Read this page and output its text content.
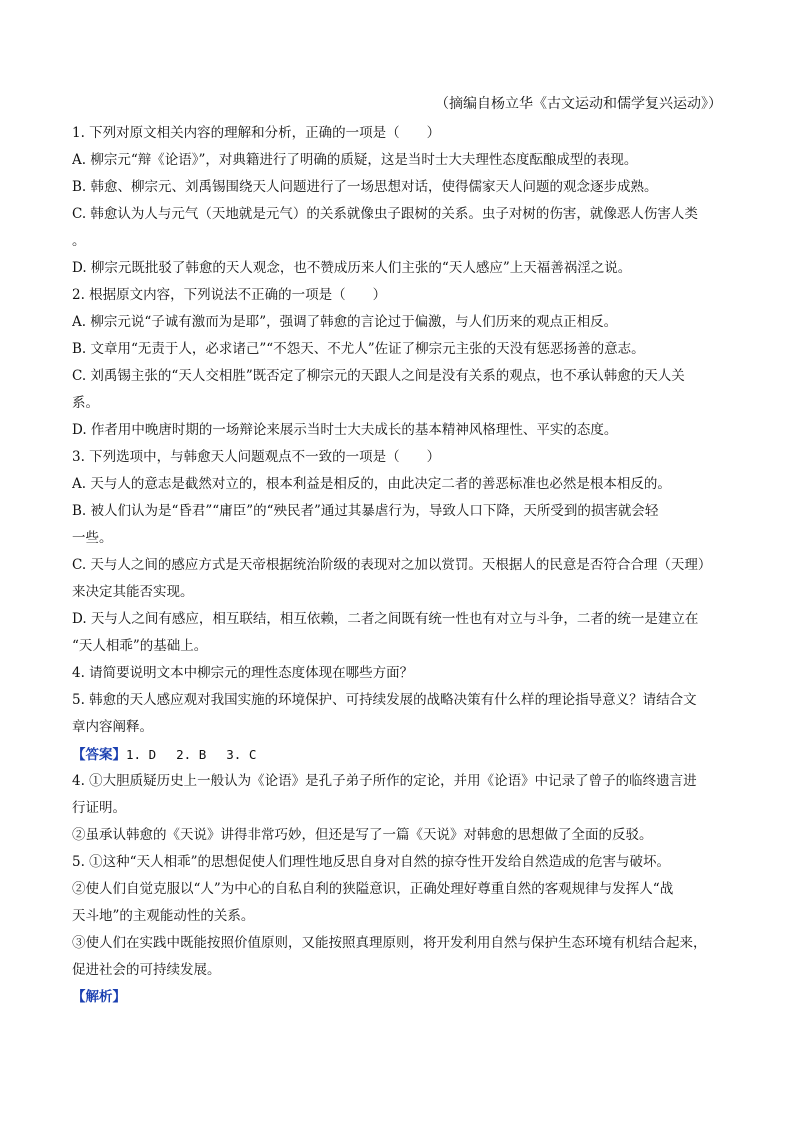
（摘编自杨立华《古文运动和儒学复兴运动》）

1. 下列对原文相关内容的理解和分析，正确的一项是（　　）

A. 柳宗元“辩《论语》”，对典籍进行了明确的质疑，这是当时士大夫理性态度酝酿成型的表现。

B. 韩愈、柳宗元、刘禹锡围绕天人问题进行了一场思想对话，使得儒家天人问题的观念逐步成熟。

C. 韩愈认为人与元气（天地就是元气）的关系就像虫子跟树的关系。虫子对树的伤害，就像恶人伤害人类

。

D. 柳宗元既批驳了韩愈的天人观念，也不赞成历来人们主张的“天人感应”上天福善祸淫之说。

2. 根据原文内容，下列说法不正确的一项是（　　）

A. 柳宗元说“子诚有激而为是耶”，强调了韩愈的言论过于偏激，与人们历来的观点正相反。

B. 文章用“无责于人，必求诸己”“不怨天、不尤人”佐证了柳宗元主张的天没有惩恶扬善的意志。

C. 刘禹锡主张的“天人交相胜”既否定了柳宗元的天跟人之间是没有关系的观点，也不承认韩愈的天人关

系。

D. 作者用中晚唐时期的一场辩论来展示当时士大夫成长的基本精神风格理性、平实的态度。

3. 下列选项中，与韩愈天人问题观点不一致的一项是（　　）

A. 天与人的意志是截然对立的，根本利益是相反的，由此决定二者的善恶标准也必然是根本相反的。

B. 被人们认为是“昏君”“庸臣”的“殃民者”通过其暴虐行为，导致人口下降，天所受到的损害就会轻

一些。

C. 天与人之间的感应方式是天帝根据统治阶级的表现对之加以赏罚。天根据人的民意是否符合合理（天理）

来决定其能否实现。

D. 天与人之间有感应，相互联结，相互依赖，二者之间既有统一性也有对立与斗争，二者的统一是建立在

“天人相乖”的基础上。

4. 请简要说明文本中柳宗元的理性态度体现在哪些方面？

5. 韩愈的天人感应观对我国实施的环境保护、可持续发展的战略决策有什么样的理论指导意义？请结合文

章内容阐释。

【答案】1. D　 2. B　 3. C

4. ①大胆质疑历史上一般认为《论语》是孔子弟子所作的定论，并用《论语》中记录了曾子的临终遗言进

行证明。

②虽承认韩愈的《天说》讲得非常巧妙，但还是写了一篇《天说》对韩愈的思想做了全面的反驳。

5. ①这种“天人相乖”的思想促使人们理性地反思自身对自然的掠夺性开发给自然造成的危害与破坏。

②使人们自觉克服以“人”为中心的自私自利的狭隘意识，正确处理好尊重自然的客观规律与发挥人“战

天斗地”的主观能动性的关系。

③使人们在实践中既能按照价值原则，又能按照真理原则，将开发利用自然与保护生态环境有机结合起来，

促进社会的可持续发展。

【解析】
